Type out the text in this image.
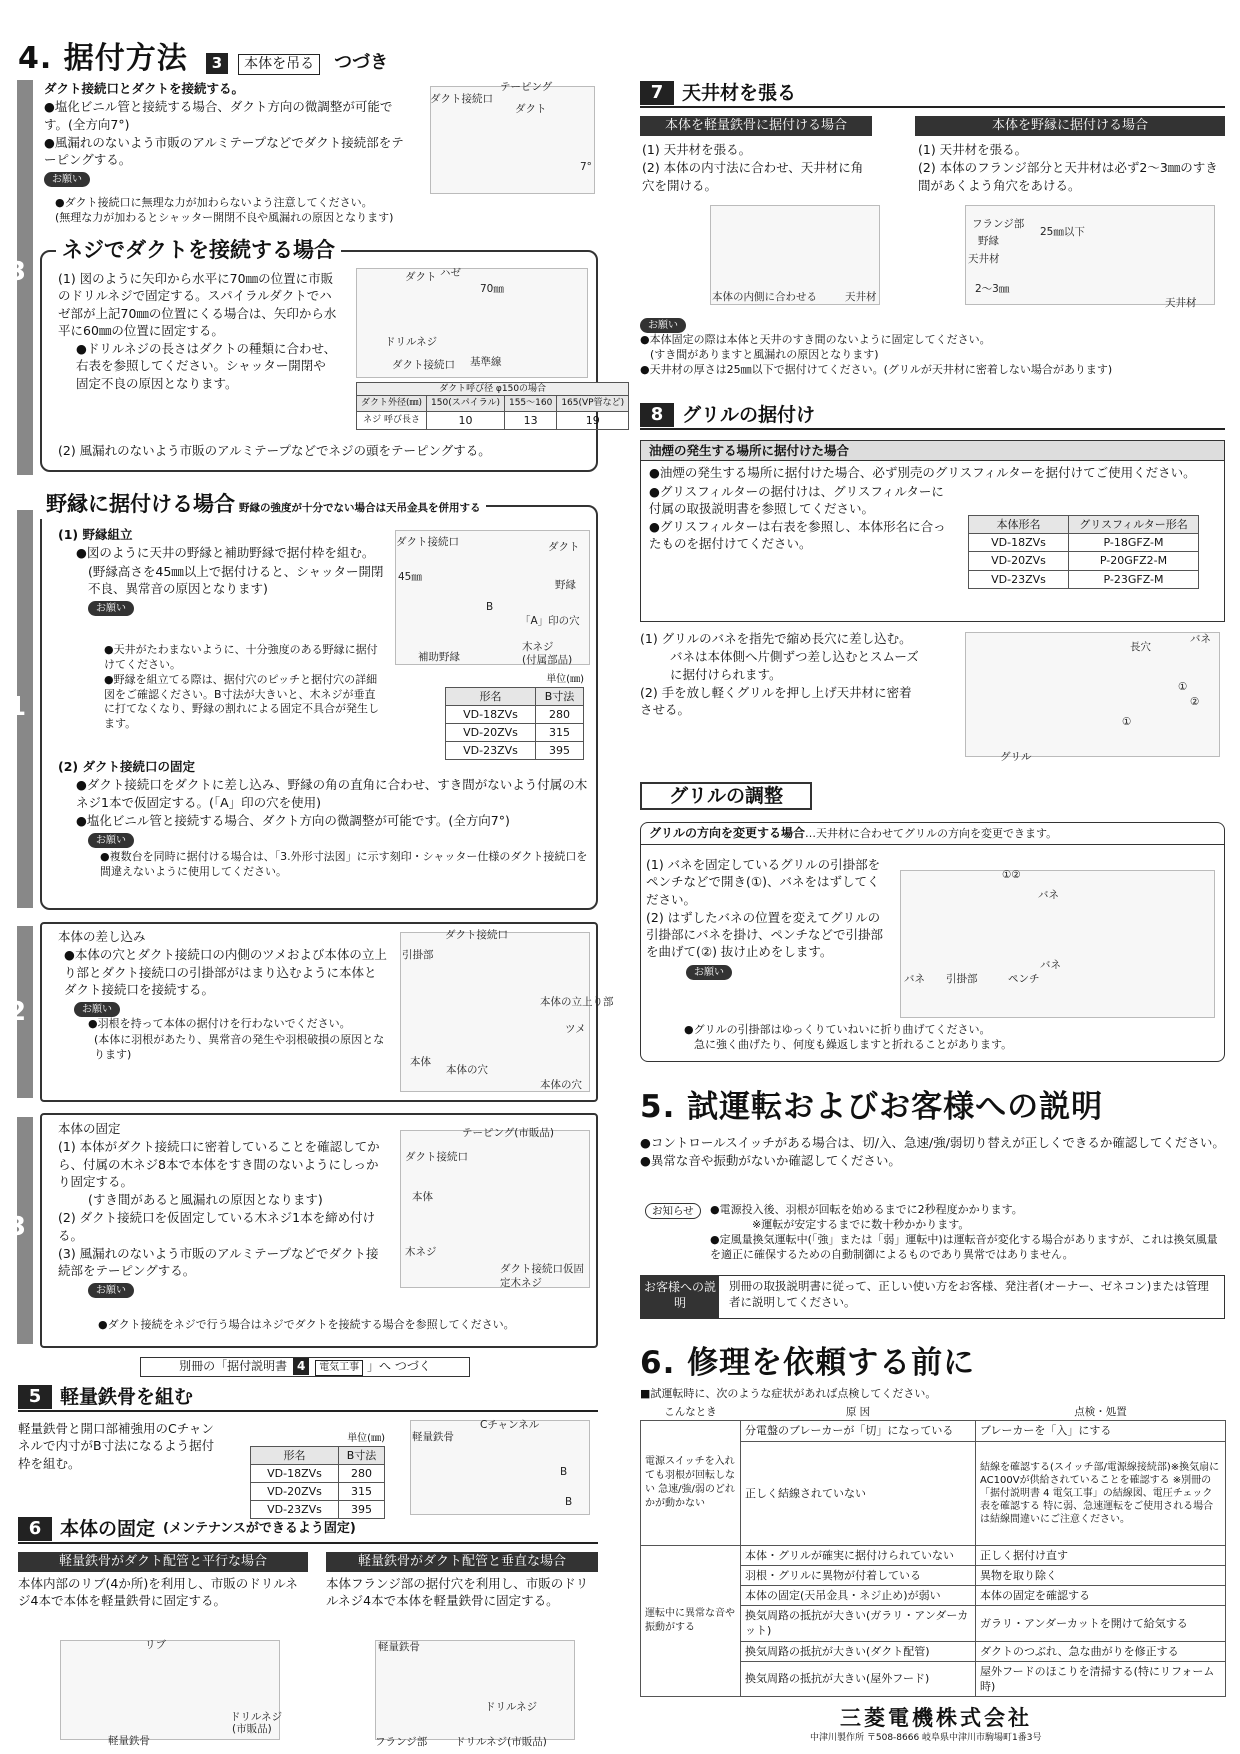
4. 据付方法 3 本体を吊る つづき
3

ダクト接続口とダクトを接続する。

●塩化ビニル管と接続する場合、ダクト方向の微調整が可能です。(全方向7°)

●風漏れのないよう市販のアルミテープなどでダクト接続部をテーピングする。

お願い

●ダクト接続口に無理な力が加わらないよう注意してください。

(無理な力が加わるとシャッター開閉不良や風漏れの原因となります)

ダクト接続口
テーピング
ダクト
7°
ネジでダクトを接続する場合

(1) 図のように矢印から水平に70㎜の位置に市販のドリルネジで固定する。スパイラルダクトでハゼ部が上記70㎜の位置にくる場合は、矢印から水平に60㎜の位置に固定する。

●ドリルネジの長さはダクトの種類に合わせ、右表を参照してください。シャッター開閉や固定不良の原因となります。

(2) 風漏れのないよう市販のアルミテープなどでネジの頭をテーピングする。
ダクト ハゼ
70㎜
ドリルネジ
ダクト接続口 基準線
ダクト呼び径 φ150の場合
ダクト外径(㎜)	150(スパイラル)	155〜160	165(VP管など)
ネジ 呼び長さ	10	13	19
野縁に据付ける場合 野縁の強度が十分でない場合は天吊金具を併用する
1

(1) 野縁組立

●図のように天井の野縁と補助野縁で据付枠を組む。

(野縁高さを45㎜以上で据付けると、シャッター開閉不良、異常音の原因となります)

お願い

●天井がたわまないように、十分強度のある野縁に据付けてください。

●野縁を組立てる際は、据付穴のピッチと据付穴の詳細図をご確認ください。B寸法が大きいと、木ネジが垂直に打てなくなり、野縁の割れによる固定不具合が発生します。

ダクト接続口	ダクト
野縁
45㎜
B
補助野縁
「A」印の穴
木ネジ
(付属部品)
単位(㎜)
形名	B寸法
VD-18ZVs	280
VD-20ZVs	315
VD-23ZVs	395

(2) ダクト接続口の固定

●ダクト接続口をダクトに差し込み、野縁の角の直角に合わせ、すき間がないよう付属の木ネジ1本で仮固定する。(「A」印の穴を使用)

●塩化ビニル管と接続する場合、ダクト方向の微調整が可能です。(全方向7°)

お願い

●複数台を同時に据付ける場合は、「3.外形寸法図」に示す刻印・シャッター仕様のダクト接続口を間違えないように使用してください。

2

本体の差し込み

●本体の穴とダクト接続口の内側のツメおよび本体の立上り部とダクト接続口の引掛部がはまり込むように本体とダクト接続口を接続する。

お願い

●羽根を持って本体の据付けを行わないでください。

(本体に羽根があたり、異常音の発生や羽根破損の原因となります)

ダクト接続口
引掛部
本体の立上り部
ツメ
本体
本体の穴
本体の穴
3

本体の固定

(1) 本体がダクト接続口に密着していることを確認してから、付属の木ネジ8本で本体をすき間のないようにしっかり固定する。

(すき間があると風漏れの原因となります)

(2) ダクト接続口を仮固定している木ネジ1本を締め付ける。

(3) 風漏れのないよう市販のアルミテープなどでダクト接続部をテーピングする。

お願い
●ダクト接続をネジで行う場合はネジでダクトを接続する場合を参照してください。
テーピング(市販品)
ダクト接続口
本体
木ネジ
ダクト接続口仮固定木ネジ
別冊の「据付説明書 4 電気工事 」へ つづく
5 軽量鉄骨を組む
軽量鉄骨と開口部補強用のCチャンネルで内寸がB寸法になるよう据付枠を組む。
単位(㎜)
形名	B寸法
VD-18ZVs	280
VD-20ZVs	315
VD-23ZVs	395
軽量鉄骨
Cチャンネル
B
B
6 本体の固定 (メンテナンスができるよう固定)
軽量鉄骨がダクト配管と平行な場合
本体内部のリブ(4か所)を利用し、市販のドリルネジ4本で本体を軽量鉄骨に固定する。
軽量鉄骨がダクト配管と垂直な場合
本体フランジ部の据付穴を利用し、市販のドリルネジ4本で本体を軽量鉄骨に固定する。
リブ
ドリルネジ
(市販品)
軽量鉄骨
軽量鉄骨
ドリルネジ
フランジ部	ドリルネジ(市販品)
7 天井材を張る
本体を軽量鉄骨に据付ける場合	本体を野縁に据付ける場合

(1) 天井材を張る。

(2) 本体の内寸法に合わせ、天井材に角穴を開ける。

(1) 天井材を張る。

(2) 本体のフランジ部分と天井材は必ず2〜3㎜のすき間があくよう角穴をあける。

本体の内側に合わせる	天井材
フランジ部
野縁
天井材
25㎜以下
2〜3㎜
天井材
お願い

●本体固定の際は本体と天井のすき間のないように固定してください。

(すき間がありますと風漏れの原因となります)

●天井材の厚さは25㎜以下で据付けてください。(グリルが天井材に密着しない場合があります)

8 グリルの据付け
油煙の発生する場所に据付けた場合

●油煙の発生する場所に据付けた場合、必ず別売のグリスフィルターを据付けてご使用ください。

●グリスフィルターの据付けは、グリスフィルターに付属の取扱説明書を参照してください。

●グリスフィルターは右表を参照し、本体形名に合ったものを据付けてください。

本体形名	グリスフィルター形名
VD-18ZVs	P-18GFZ-M
VD-20ZVs	P-20GFZ2-M
VD-23ZVs	P-23GFZ-M

(1) グリルのバネを指先で縮め長穴に差し込む。

バネは本体側へ片側ずつ差し込むとスムーズに据付けられます。

(2) 手を放し軽くグリルを押し上げ天井材に密着させる。

長穴
バネ
①
②
①
グリル
グリルの調整
グリルの方向を変更する場合…天井材に合わせてグリルの方向を変更できます。

(1) バネを固定しているグリルの引掛部をペンチなどで開き(①)、バネをはずしてください。

(2) はずしたバネの位置を変えてグリルの引掛部にバネを掛け、ペンチなどで引掛部を曲げて(②) 抜け止めをします。

お願い

●グリルの引掛部はゆっくりていねいに折り曲げてください。

急に強く曲げたり、何度も繰返しますと折れることがあります。

①②
バネ
バネ
バネ 引掛部	ペンチ
5. 試運転およびお客様への説明

●コントロールスイッチがある場合は、切/入、急速/強/弱切り替えが正しくできるか確認してください。

●異常な音や振動がないか確認してください。

お知らせ	●電源投入後、羽根が回転を始めるまでに2秒程度かかります。

※運転が安定するまでに数十秒かかります。

●定風量換気運転中(「強」または「弱」運転中)は運転音が変化する場合がありますが、これは換気風量を適正に確保するための自動制御によるものであり異常ではありません。

お客様への説明
別冊の取扱説明書に従って、正しい使い方をお客様、発注者(オーナー、ゼネコン)または管理者に説明してください。
6. 修理を依頼する前に
■試運転時に、次のような症状があれば点検してください。
こんなとき	原 因	点検・処置
電源スイッチを入れても羽根が回転しない 急速/強/弱のどれかが動かない	分電盤のブレーカーが「切」になっている	ブレーカーを「入」にする
	正しく結線されていない	結線を確認する(スイッチ部/電源線接続部)※換気扇にAC100Vが供給されていることを確認する ※別冊の「据付説明書 4 電気工事」の結線図、電圧チェック表を確認する 特に弱、急速運転をご使用される場合は結線間違いにご注意ください。
運転中に異常な音や振動がする	本体・グリルが確実に据付けられていない	正しく据付け直す
	羽根・グリルに異物が付着している	異物を取り除く
	本体の固定(天吊金具・ネジ止め)が弱い	本体の固定を確認する
	換気周路の抵抗が大きい(ガラリ・アンダーカット)	ガラリ・アンダーカットを開けて給気する
	換気周路の抵抗が大きい(ダクト配管)	ダクトのつぶれ、急な曲がりを修正する
	換気周路の抵抗が大きい(屋外フード)	屋外フードのほこりを清掃する(特にリフォーム時)
三菱電機株式会社
中津川製作所 〒508-8666 岐阜県中津川市駒場町1番3号
